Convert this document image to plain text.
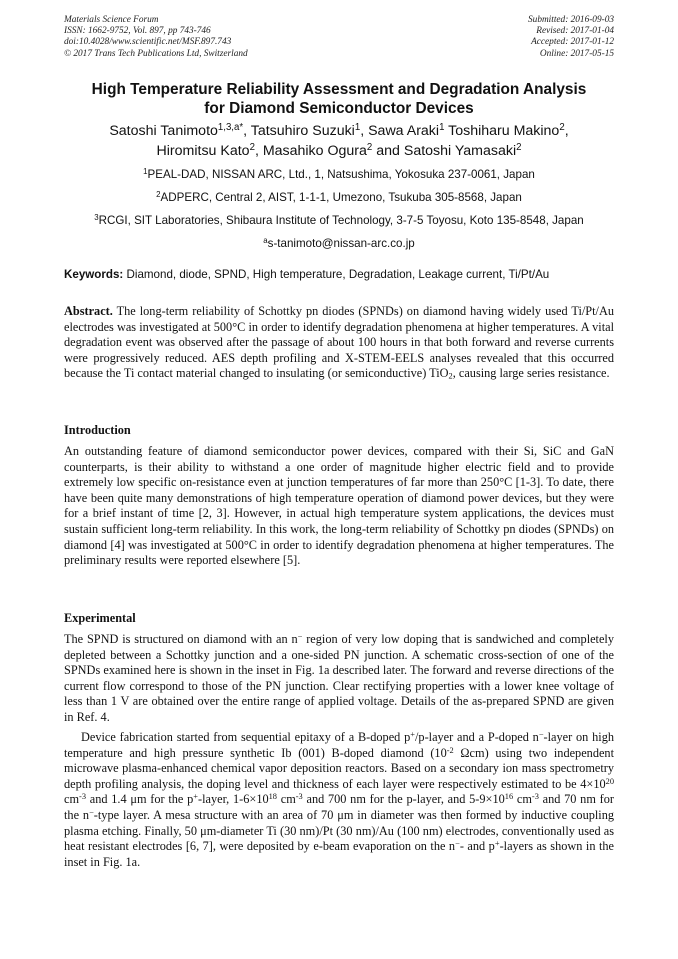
Materials Science Forum
ISSN: 1662-9752, Vol. 897, pp 743-746
doi:10.4028/www.scientific.net/MSF.897.743
© 2017 Trans Tech Publications Ltd, Switzerland
Submitted: 2016-09-03
Revised: 2017-01-04
Accepted: 2017-01-12
Online: 2017-05-15
High Temperature Reliability Assessment and Degradation Analysis
for Diamond Semiconductor Devices
Satoshi Tanimoto$^{1,3,a*}$, Tatsuhiro Suzuki$^1$, Sawa Araki$^1$ Toshiharu Makino$^2$,
Hiromitsu Kato$^2$, Masahiko Ogura$^2$ and Satoshi Yamasaki$^2$
$^1$PEAL-DAD, NISSAN ARC, Ltd., 1, Natsushima, Yokosuka 237-0061, Japan
$^2$ADPERC, Central 2, AIST, 1-1-1, Umezono, Tsukuba 305-8568, Japan
$^3$RCGI, SIT Laboratories, Shibaura Institute of Technology, 3-7-5 Toyosu, Koto 135-8548, Japan
$^a$s-tanimoto@nissan-arc.co.jp
Keywords: Diamond, diode, SPND, High temperature, Degradation, Leakage current, Ti/Pt/Au
Abstract. The long-term reliability of Schottky pn diodes (SPNDs) on diamond having widely used Ti/Pt/Au electrodes was investigated at 500°C in order to identify degradation phenomena at higher temperatures. A vital degradation event was observed after the passage of about 100 hours in that both forward and reverse currents were progressively reduced. AES depth profiling and X-STEM-EELS analyses revealed that this occurred because the Ti contact material changed to insulating (or semiconductive) TiO$_2$, causing large series resistance.
Introduction
An outstanding feature of diamond semiconductor power devices, compared with their Si, SiC and GaN counterparts, is their ability to withstand a one order of magnitude higher electric field and to provide extremely low specific on-resistance even at junction temperatures of far more than 250°C [1-3]. To date, there have been quite many demonstrations of high temperature operation of diamond power devices, but they were for a brief instant of time [2, 3]. However, in actual high temperature system applications, the devices must sustain sufficient long-term reliability. In this work, the long-term reliability of Schottky pn diodes (SPNDs) on diamond [4] was investigated at 500°C in order to identify degradation phenomena at higher temperatures. The preliminary results were reported elsewhere [5].
Experimental
The SPND is structured on diamond with an n− region of very low doping that is sandwiched and completely depleted between a Schottky junction and a one-sided PN junction. A schematic cross-section of one of the SPNDs examined here is shown in the inset in Fig. 1a described later. The forward and reverse directions of the current flow correspond to those of the PN junction. Clear rectifying properties with a lower knee voltage of less than 1 V are obtained over the entire range of applied voltage. Details of the as-prepared SPND are given in Ref. 4.
Device fabrication started from sequential epitaxy of a B-doped p+/p-layer and a P-doped n−-layer on high temperature and high pressure synthetic Ib (001) B-doped diamond ($10^{-2}$ Ωcm) using two independent microwave plasma-enhanced chemical vapor deposition reactors. Based on a secondary ion mass spectrometry depth profiling analysis, the doping level and thickness of each layer were respectively estimated to be $4\times 10^{20}$ $cm^{-3}$ and 1.4 μm for the p+-layer, $1-6\times 10^{18}$ $cm^{-3}$ and 700 nm for the p-layer, and $5-9\times 10^{16}$ $cm^{-3}$ and 70 nm for the n−-type layer. A mesa structure with an area of 70 μm in diameter was then formed by inductive coupling plasma etching. Finally, 50 μm-diameter Ti (30 nm)/Pt (30 nm)/Au (100 nm) electrodes, conventionally used as heat resistant electrodes [6, 7], were deposited by e-beam evaporation on the n−- and p+-layers as shown in the inset in Fig. 1a.
